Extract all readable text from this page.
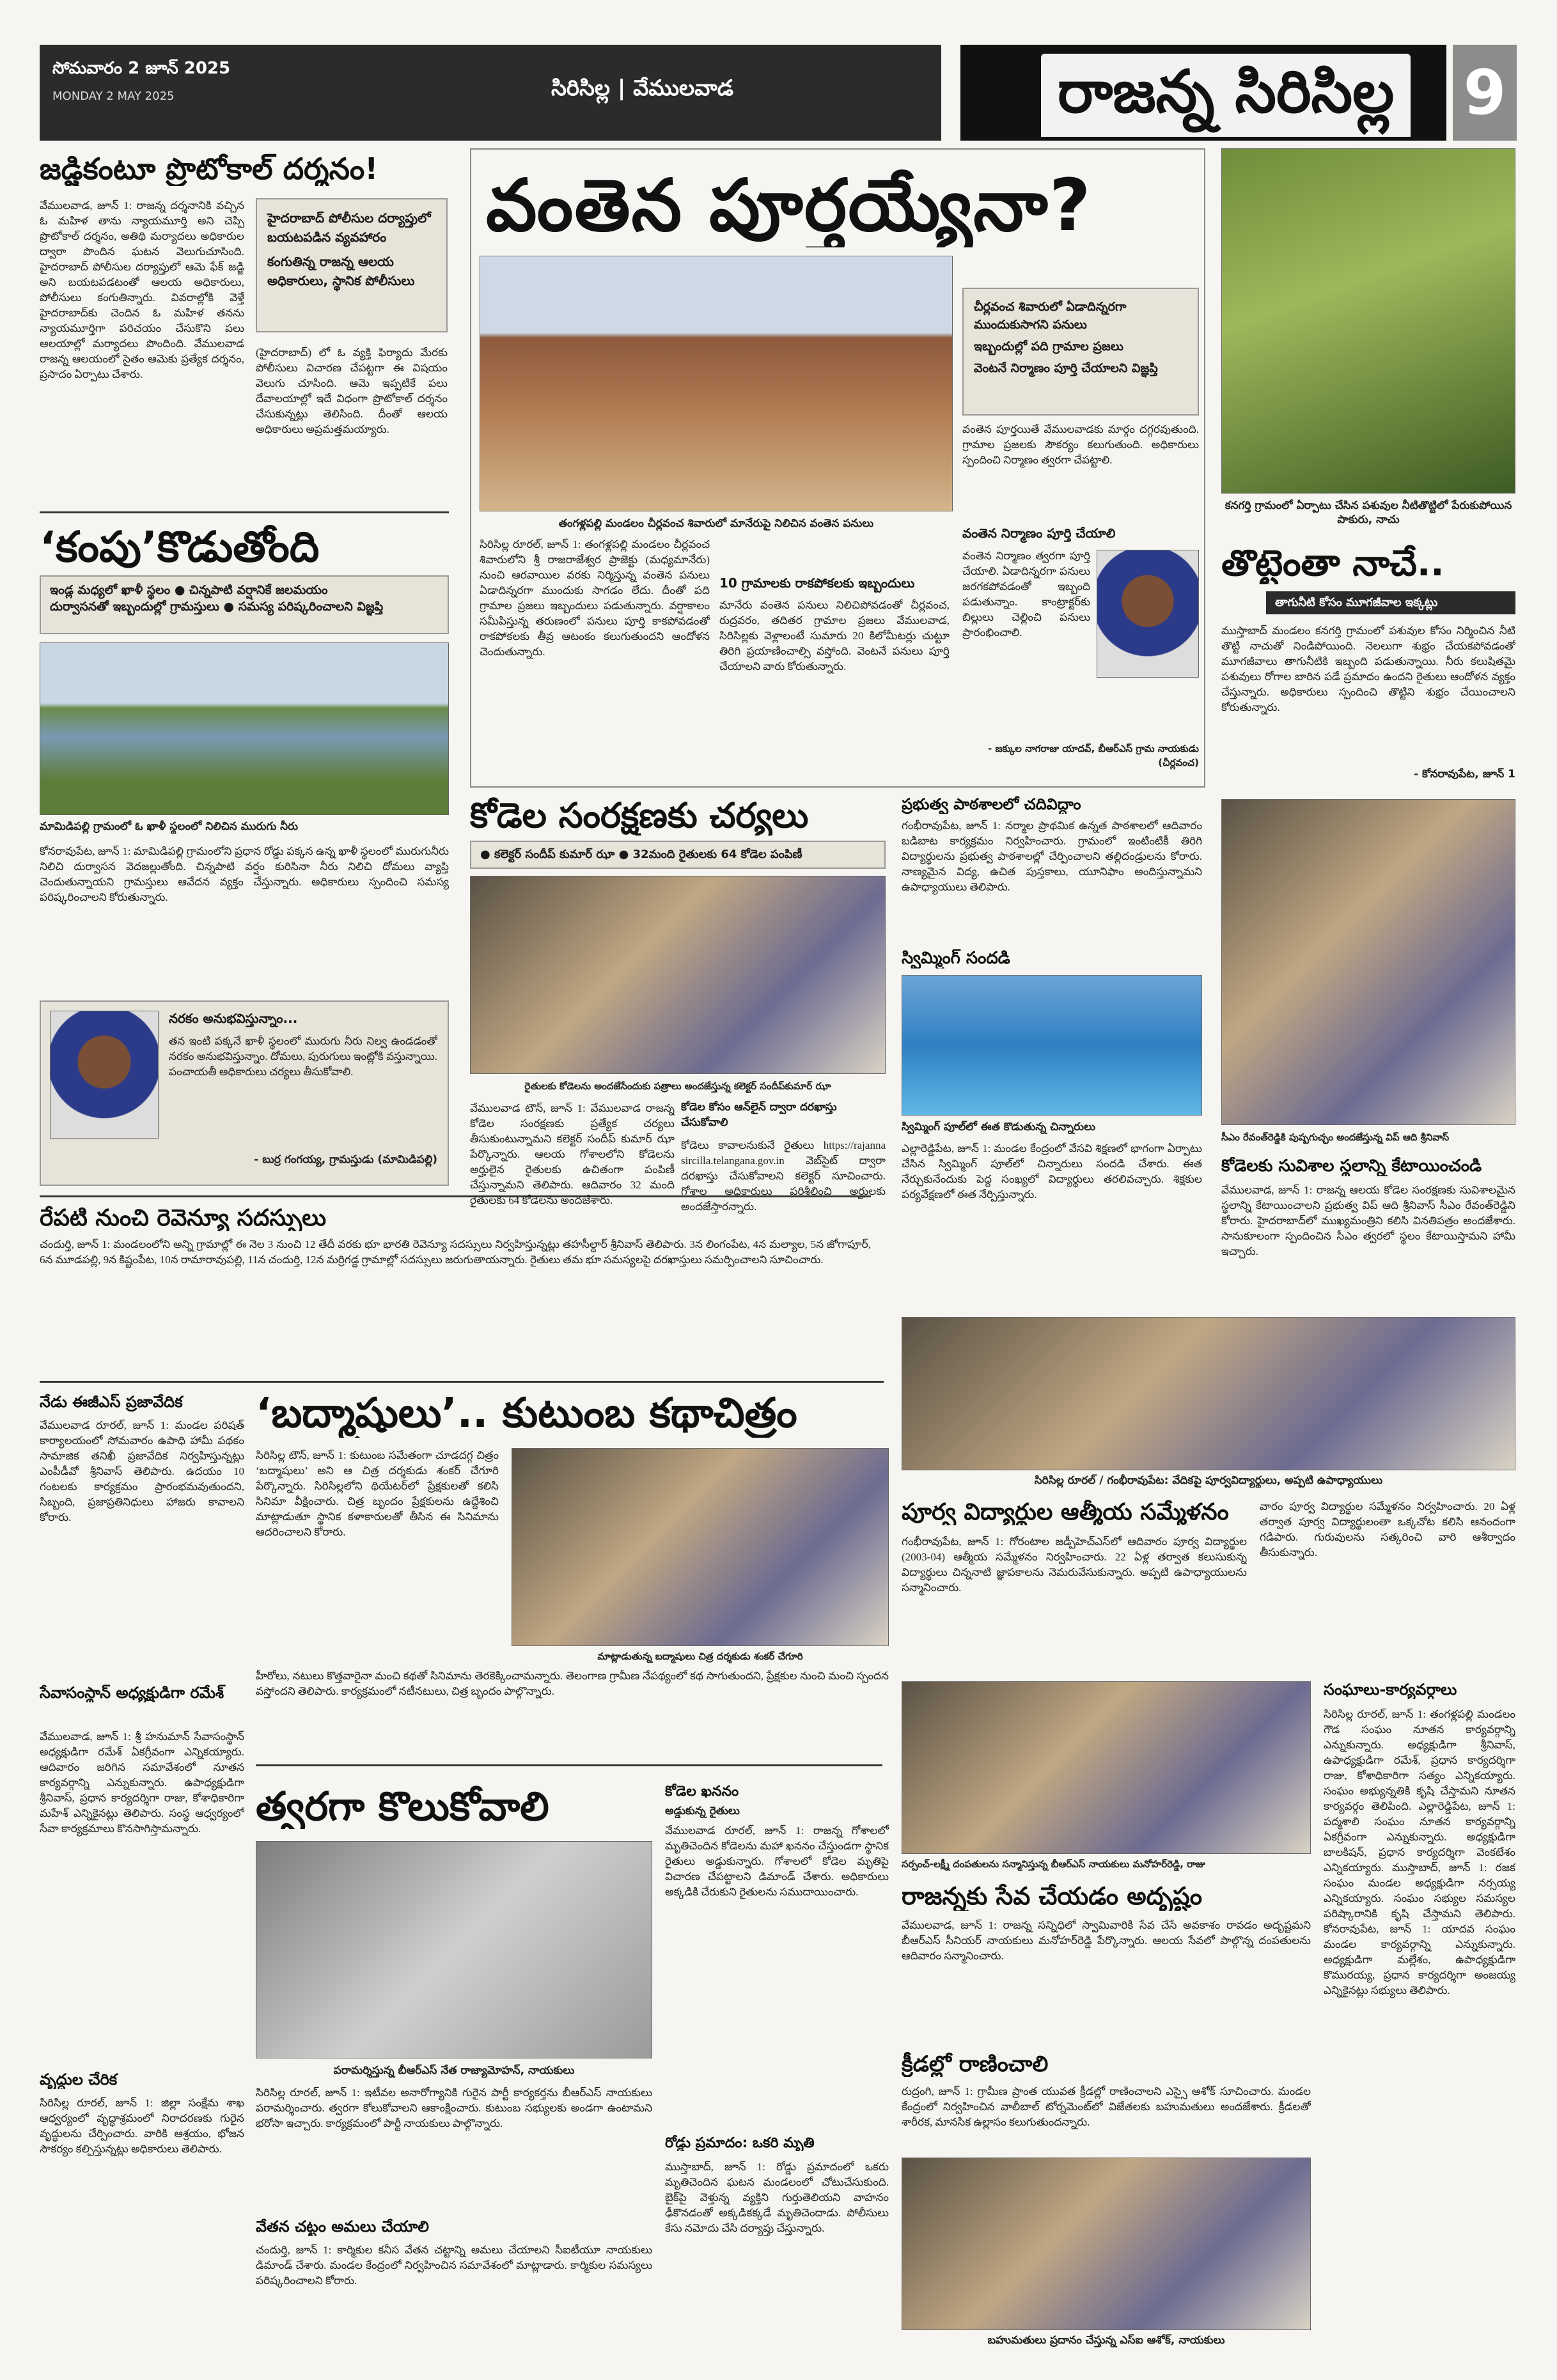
సోమవారం 2 జూన్ 2025
MONDAY 2 MAY 2025	సిరిసిల్ల | వేములవాడ	రాజన్న సిరిసిల్ల 9
జడ్జికంటూ ప్రొటోకాల్ దర్శనం!
వేములవాడ, జూన్ 1: రాజన్న దర్శనానికి వచ్చిన ఓ మహిళ తాను న్యాయమూర్తి అని చెప్పి ప్రొటోకాల్ దర్శనం, అతిథి మర్యాదలు అధికారుల ద్వారా పొందిన ఘటన వెలుగుచూసింది. హైదరాబాద్ పోలీసుల దర్యాప్తులో ఆమె ఫేక్ జడ్జి అని బయటపడటంతో ఆలయ అధికారులు, పోలీసులు కంగుతిన్నారు. వివరాల్లోకి వెళ్తే హైదరాబాద్‌కు చెందిన ఓ మహిళ తనను న్యాయమూర్తిగా పరిచయం చేసుకొని పలు ఆలయాల్లో మర్యాదలు పొందింది. వేములవాడ రాజన్న ఆలయంలో సైతం ఆమెకు ప్రత్యేక దర్శనం, ప్రసాదం ఏర్పాటు చేశారు.
హైదరాబాద్ పోలీసుల దర్యాప్తులో బయటపడిన వ్యవహారం
కంగుతిన్న రాజన్న ఆలయ అధికారులు, స్థానిక పోలీసులు
(హైదరాబాద్) లో ఓ వ్యక్తి ఫిర్యాదు మేరకు పోలీసులు విచారణ చేపట్టగా ఈ విషయం వెలుగు చూసింది. ఆమె ఇప్పటికే పలు దేవాలయాల్లో ఇదే విధంగా ప్రొటోకాల్ దర్శనం చేసుకున్నట్లు తెలిసింది. దీంతో ఆలయ అధికారులు అప్రమత్తమయ్యారు.
‘కంపు’కొడుతోంది
ఇండ్ల మధ్యలో ఖాళీ స్థలం ● చిన్నపాటి వర్షానికే జలమయం
దుర్వాసనతో ఇబ్బందుల్లో గ్రామస్తులు ● సమస్య పరిష్కరించాలని విజ్ఞప్తి
మామిడిపల్లి గ్రామంలో ఓ ఖాళీ స్థలంలో నిలిచిన మురుగు నీరు
కోనరావుపేట, జూన్ 1: మామిడిపల్లి గ్రామంలోని ప్రధాన రోడ్డు పక్కన ఉన్న ఖాళీ స్థలంలో మురుగునీరు నిలిచి దుర్వాసన వెదజల్లుతోంది. చిన్నపాటి వర్షం కురిసినా నీరు నిలిచి దోమలు వ్యాప్తి చెందుతున్నాయని గ్రామస్తులు ఆవేదన వ్యక్తం చేస్తున్నారు. అధికారులు స్పందించి సమస్య పరిష్కరించాలని కోరుతున్నారు.
నరకం అనుభవిస్తున్నాం...
తన ఇంటి పక్కనే ఖాళీ స్థలంలో మురుగు నీరు నిల్వ ఉండడంతో నరకం అనుభవిస్తున్నాం. దోమలు, పురుగులు ఇంట్లోకి వస్తున్నాయి. పంచాయతీ అధికారులు చర్యలు తీసుకోవాలి.
- బుర్ర గంగయ్య, గ్రామస్తుడు (మామిడిపల్లి)
రేపటి నుంచి రెవెన్యూ సదస్సులు
చందుర్తి, జూన్ 1: మండలంలోని అన్ని గ్రామాల్లో ఈ నెల 3 నుంచి 12 తేదీ వరకు భూ భారతి రెవెన్యూ సదస్సులు నిర్వహిస్తున్నట్లు తహసీల్దార్ శ్రీనివాస్ తెలిపారు. 3న లింగంపేట, 4న మల్యాల, 5న జోగాపూర్, 6న మూడపల్లి, 9న కిష్టంపేట, 10న రామారావుపల్లి, 11న చందుర్తి, 12న మర్రిగడ్డ గ్రామాల్లో సదస్సులు జరుగుతాయన్నారు. రైతులు తమ భూ సమస్యలపై దరఖాస్తులు సమర్పించాలని సూచించారు.
వంతెన పూర్తయ్యేనా?
చీర్లవంచ శివారులో ఏడాదిన్నరగా ముందుకుసాగని పనులు
ఇబ్బందుల్లో పది గ్రామాల ప్రజలు
వెంటనే నిర్మాణం పూర్తి చేయాలని విజ్ఞప్తి
వంతెన పూర్తయితే వేములవాడకు మార్గం దగ్గరవుతుంది. గ్రామాల ప్రజలకు సౌకర్యం కలుగుతుంది. అధికారులు స్పందించి నిర్మాణం త్వరగా చేపట్టాలి.
తంగళ్లపల్లి మండలం చీర్లవంచ శివారులో మానేరుపై నిలిచిన వంతెన పనులు
సిరిసిల్ల రూరల్, జూన్ 1: తంగళ్లపల్లి మండలం చీర్లవంచ శివారులోని శ్రీ రాజరాజేశ్వర ప్రాజెక్టు (మధ్యమానేరు) నుంచి ఆరవాయిల వరకు నిర్మిస్తున్న వంతెన పనులు ఏడాదిన్నరగా ముందుకు సాగడం లేదు. దీంతో పది గ్రామాల ప్రజలు ఇబ్బందులు పడుతున్నారు. వర్షాకాలం సమీపిస్తున్న తరుణంలో పనులు పూర్తి కాకపోవడంతో రాకపోకలకు తీవ్ర ఆటంకం కలుగుతుందని ఆందోళన చెందుతున్నారు.
10 గ్రామాలకు రాకపోకలకు ఇబ్బందులు
మానేరు వంతెన పనులు నిలిచిపోవడంతో చీర్లవంచ, రుద్రవరం, తదితర గ్రామాల ప్రజలు వేములవాడ, సిరిసిల్లకు వెళ్లాలంటే సుమారు 20 కిలోమీటర్లు చుట్టూ తిరిగి ప్రయాణించాల్సి వస్తోంది. వెంటనే పనులు పూర్తి చేయాలని వారు కోరుతున్నారు.
వంతెన నిర్మాణం పూర్తి చేయాలి
వంతెన నిర్మాణం త్వరగా పూర్తి చేయాలి. ఏడాదిన్నరగా పనులు జరగకపోవడంతో ఇబ్బంది పడుతున్నాం. కాంట్రాక్టర్‌కు బిల్లులు చెల్లించి పనులు ప్రారంభించాలి.
- జక్కుల నాగరాజు యాదవ్, బీఆర్ఎస్ గ్రామ నాయకుడు (చీర్లవంచ)
కనగర్తి గ్రామంలో ఏర్పాటు చేసిన పశువుల నీటితొట్టిలో పేరుకుపోయిన పాకురు, నాచు
తొట్టెంతా నాచే..
తాగునీటి కోసం మూగజీవాల ఇక్కట్లు
ముస్తాబాద్ మండలం కనగర్తి గ్రామంలో పశువుల కోసం నిర్మించిన నీటి తొట్టి నాచుతో నిండిపోయింది. నెలలుగా శుభ్రం చేయకపోవడంతో మూగజీవాలు తాగునీటికి ఇబ్బంది పడుతున్నాయి. నీరు కలుషితమై పశువులు రోగాల బారిన పడే ప్రమాదం ఉందని రైతులు ఆందోళన వ్యక్తం చేస్తున్నారు. అధికారులు స్పందించి తొట్టిని శుభ్రం చేయించాలని కోరుతున్నారు.
- కోనరావుపేట, జూన్ 1
కోడెల సంరక్షణకు చర్యలు
● కలెక్టర్ సందీప్ కుమార్ ఝా ● 32మంది రైతులకు 64 కోడెల పంపిణీ
రైతులకు కోడెలను అందజేసేందుకు పత్రాలు అందజేస్తున్న కలెక్టర్ సందీప్‌కుమార్ ఝా
వేములవాడ టౌన్, జూన్ 1: వేములవాడ రాజన్న కోడెల సంరక్షణకు ప్రత్యేక చర్యలు తీసుకుంటున్నామని కలెక్టర్ సందీప్ కుమార్ ఝా పేర్కొన్నారు. ఆలయ గోశాలలోని కోడెలను అర్హులైన రైతులకు ఉచితంగా పంపిణీ చేస్తున్నామని తెలిపారు. ఆదివారం 32 మంది రైతులకు 64 కోడెలను అందజేశారు.
కోడెల కోసం ఆన్‌లైన్ ద్వారా దరఖాస్తు చేసుకోవాలి
కోడెలు కావాలనుకునే రైతులు https://rajanna sircilla.telangana.gov.in వెబ్‌సైట్ ద్వారా దరఖాస్తు చేసుకోవాలని కలెక్టర్ సూచించారు. గోశాల అధికారులు పరిశీలించి అర్హులకు అందజేస్తారన్నారు.
ప్రభుత్వ పాఠశాలలో చదివిద్దాం
గంభీరావుపేట, జూన్ 1: నర్మాల ప్రాథమిక ఉన్నత పాఠశాలలో ఆదివారం బడిబాట కార్యక్రమం నిర్వహించారు. గ్రామంలో ఇంటింటికీ తిరిగి విద్యార్థులను ప్రభుత్వ పాఠశాలల్లో చేర్పించాలని తల్లిదండ్రులను కోరారు. నాణ్యమైన విద్య, ఉచిత పుస్తకాలు, యూనిఫాం అందిస్తున్నామని ఉపాధ్యాయులు తెలిపారు.
స్విమ్మింగ్ సందడి
స్విమ్మింగ్ పూల్‌లో ఈత కొడుతున్న చిన్నారులు
ఎల్లారెడ్డిపేట, జూన్ 1: మండల కేంద్రంలో వేసవి శిక్షణలో భాగంగా ఏర్పాటు చేసిన స్విమ్మింగ్ పూల్‌లో చిన్నారులు సందడి చేశారు. ఈత నేర్చుకునేందుకు పెద్ద సంఖ్యలో విద్యార్థులు తరలివచ్చారు. శిక్షకుల పర్యవేక్షణలో ఈత నేర్పిస్తున్నారు.
సీఎం రేవంత్‌రెడ్డికి పుష్పగుచ్ఛం అందజేస్తున్న విప్ ఆది శ్రీనివాస్
కోడెలకు సువిశాల స్థలాన్ని కేటాయించండి
వేములవాడ, జూన్ 1: రాజన్న ఆలయ కోడెల సంరక్షణకు సువిశాలమైన స్థలాన్ని కేటాయించాలని ప్రభుత్వ విప్ ఆది శ్రీనివాస్ సీఎం రేవంత్‌రెడ్డిని కోరారు. హైదరాబాద్‌లో ముఖ్యమంత్రిని కలిసి వినతిపత్రం అందజేశారు. సానుకూలంగా స్పందించిన సీఎం త్వరలో స్థలం కేటాయిస్తామని హామీ ఇచ్చారు.
సిరిసిల్ల రూరల్ / గంభీరావుపేట: వేదికపై పూర్వవిద్యార్థులు, అప్పటి ఉపాధ్యాయులు
పూర్వ విద్యార్థుల ఆత్మీయ సమ్మేళనం
గంభీరావుపేట, జూన్ 1: గోరంటాల జడ్పీహెచ్‌ఎస్‌లో ఆదివారం పూర్వ విద్యార్థుల (2003-04) ఆత్మీయ సమ్మేళనం నిర్వహించారు. 22 ఏళ్ల తర్వాత కలుసుకున్న విద్యార్థులు చిన్ననాటి జ్ఞాపకాలను నెమరువేసుకున్నారు. అప్పటి ఉపాధ్యాయులను సన్మానించారు.
వారం పూర్వ విద్యార్థుల సమ్మేళనం నిర్వహించారు. 20 ఏళ్ల తర్వాత పూర్వ విద్యార్థులంతా ఒక్కచోట కలిసి ఆనందంగా గడిపారు. గురువులను సత్కరించి వారి ఆశీర్వాదం తీసుకున్నారు.
నేడు ఈజీఎస్ ప్రజావేదిక
వేములవాడ రూరల్, జూన్ 1: మండల పరిషత్ కార్యాలయంలో సోమవారం ఉపాధి హామీ పథకం సామాజిక తనిఖీ ప్రజావేదిక నిర్వహిస్తున్నట్లు ఎంపీడీవో శ్రీనివాస్ తెలిపారు. ఉదయం 10 గంటలకు కార్యక్రమం ప్రారంభమవుతుందని, సిబ్బంది, ప్రజాప్రతినిధులు హాజరు కావాలని కోరారు.
సేవాసంస్థాన్ అధ్యక్షుడిగా రమేశ్
వేములవాడ, జూన్ 1: శ్రీ హనుమాన్ సేవాసంస్థాన్ అధ్యక్షుడిగా రమేశ్ ఏకగ్రీవంగా ఎన్నికయ్యారు. ఆదివారం జరిగిన సమావేశంలో నూతన కార్యవర్గాన్ని ఎన్నుకున్నారు. ఉపాధ్యక్షుడిగా శ్రీనివాస్, ప్రధాన కార్యదర్శిగా రాజు, కోశాధికారిగా మహేశ్ ఎన్నికైనట్లు తెలిపారు. సంస్థ ఆధ్వర్యంలో సేవా కార్యక్రమాలు కొనసాగిస్తామన్నారు.
వృద్ధుల చేరిక
సిరిసిల్ల రూరల్, జూన్ 1: జిల్లా సంక్షేమ శాఖ ఆధ్వర్యంలో వృద్ధాశ్రమంలో నిరాదరణకు గురైన వృద్ధులను చేర్పించారు. వారికి ఆశ్రయం, భోజన సౌకర్యం కల్పిస్తున్నట్లు అధికారులు తెలిపారు.
‘బద్మాషులు’.. కుటుంబ కథాచిత్రం
సిరిసిల్ల టౌన్, జూన్ 1: కుటుంబ సమేతంగా చూడదగ్గ చిత్రం ‘బద్మాషులు’ అని ఆ చిత్ర దర్శకుడు శంకర్ చేగూరి పేర్కొన్నారు. సిరిసిల్లలోని థియేటర్‌లో ప్రేక్షకులతో కలిసి సినిమా వీక్షించారు. చిత్ర బృందం ప్రేక్షకులను ఉద్దేశించి మాట్లాడుతూ స్థానిక కళాకారులతో తీసిన ఈ సినిమాను ఆదరించాలని కోరారు.
మాట్లాడుతున్న బద్మాషులు చిత్ర దర్శకుడు శంకర్ చేగూరి
హీరోలు, నటులు కొత్తవారైనా మంచి కథతో సినిమాను తెరకెక్కించామన్నారు. తెలంగాణ గ్రామీణ నేపథ్యంలో కథ సాగుతుందని, ప్రేక్షకుల నుంచి మంచి స్పందన వస్తోందని తెలిపారు. కార్యక్రమంలో నటీనటులు, చిత్ర బృందం పాల్గొన్నారు.
త్వరగా కొలుకోవాలి
పరామర్శిస్తున్న బీఆర్‌ఎస్ నేత రాజ్యామోహన్, నాయకులు
సిరిసిల్ల రూరల్, జూన్ 1: ఇటీవల అనారోగ్యానికి గురైన పార్టీ కార్యకర్తను బీఆర్‌ఎస్ నాయకులు పరామర్శించారు. త్వరగా కోలుకోవాలని ఆకాంక్షించారు. కుటుంబ సభ్యులకు అండగా ఉంటామని భరోసా ఇచ్చారు. కార్యక్రమంలో పార్టీ నాయకులు పాల్గొన్నారు.
వేతన చట్టం అమలు చేయాలి
చందుర్తి, జూన్ 1: కార్మికుల కనీస వేతన చట్టాన్ని అమలు చేయాలని సీఐటీయూ నాయకులు డిమాండ్ చేశారు. మండల కేంద్రంలో నిర్వహించిన సమావేశంలో మాట్లాడారు. కార్మికుల సమస్యలు పరిష్కరించాలని కోరారు.
కోడెల ఖననం
అడ్డుకున్న రైతులు
వేములవాడ రూరల్, జూన్ 1: రాజన్న గోశాలలో మృతిచెందిన కోడెలను మహా ఖననం చేస్తుండగా స్థానిక రైతులు అడ్డుకున్నారు. గోశాలలో కోడెల మృతిపై విచారణ చేపట్టాలని డిమాండ్ చేశారు. అధికారులు అక్కడికి చేరుకుని రైతులను సముదాయించారు.
రోడ్డు ప్రమాదం: ఒకరి మృతి
ముస్తాబాద్, జూన్ 1: రోడ్డు ప్రమాదంలో ఒకరు మృతిచెందిన ఘటన మండలంలో చోటుచేసుకుంది. బైక్‌పై వెళ్తున్న వ్యక్తిని గుర్తుతెలియని వాహనం ఢీకొనడంతో అక్కడికక్కడే మృతిచెందాడు. పోలీసులు కేసు నమోదు చేసి దర్యాప్తు చేస్తున్నారు.
సర్పంచ్-లక్ష్మీ దంపతులను సన్మానిస్తున్న బీఆర్‌ఎస్ నాయకులు మనోహర్‌రెడ్డి, రాజు
రాజన్నకు సేవ చేయడం అదృష్టం
వేములవాడ, జూన్ 1: రాజన్న సన్నిధిలో స్వామివారికి సేవ చేసే అవకాశం రావడం అదృష్టమని బీఆర్‌ఎస్ సీనియర్ నాయకులు మనోహర్‌రెడ్డి పేర్కొన్నారు. ఆలయ సేవలో పాల్గొన్న దంపతులను ఆదివారం సన్మానించారు.
క్రీడల్లో రాణించాలి
రుద్రంగి, జూన్ 1: గ్రామీణ ప్రాంత యువత క్రీడల్లో రాణించాలని ఎస్సై ఆశోక్ సూచించారు. మండల కేంద్రంలో నిర్వహించిన వాలీబాల్ టోర్నమెంట్‌లో విజేతలకు బహుమతులు అందజేశారు. క్రీడలతో శారీరక, మానసిక ఉల్లాసం కలుగుతుందన్నారు.
బహుమతులు ప్రదానం చేస్తున్న ఎస్ఐ ఆశోక్, నాయకులు
సంఘాలు-కార్యవర్గాలు
సిరిసిల్ల రూరల్, జూన్ 1: తంగళ్లపల్లి మండలం గౌడ సంఘం నూతన కార్యవర్గాన్ని ఎన్నుకున్నారు. అధ్యక్షుడిగా శ్రీనివాస్, ఉపాధ్యక్షుడిగా రమేశ్, ప్రధాన కార్యదర్శిగా రాజు, కోశాధికారిగా సత్యం ఎన్నికయ్యారు. సంఘం అభ్యున్నతికి కృషి చేస్తామని నూతన కార్యవర్గం తెలిపింది. ఎల్లారెడ్డిపేట, జూన్ 1: పద్మశాలి సంఘం నూతన కార్యవర్గాన్ని ఏకగ్రీవంగా ఎన్నుకున్నారు. అధ్యక్షుడిగా బాలకిషన్, ప్రధాన కార్యదర్శిగా వెంకటేశం ఎన్నికయ్యారు. ముస్తాబాద్, జూన్ 1: రజక సంఘం మండల అధ్యక్షుడిగా నర్సయ్య ఎన్నికయ్యారు. సంఘం సభ్యుల సమస్యల పరిష్కారానికి కృషి చేస్తామని తెలిపారు. కోనరావుపేట, జూన్ 1: యాదవ సంఘం మండల కార్యవర్గాన్ని ఎన్నుకున్నారు. అధ్యక్షుడిగా మల్లేశం, ఉపాధ్యక్షుడిగా కొమురయ్య, ప్రధాన కార్యదర్శిగా అంజయ్య ఎన్నికైనట్లు సభ్యులు తెలిపారు.
